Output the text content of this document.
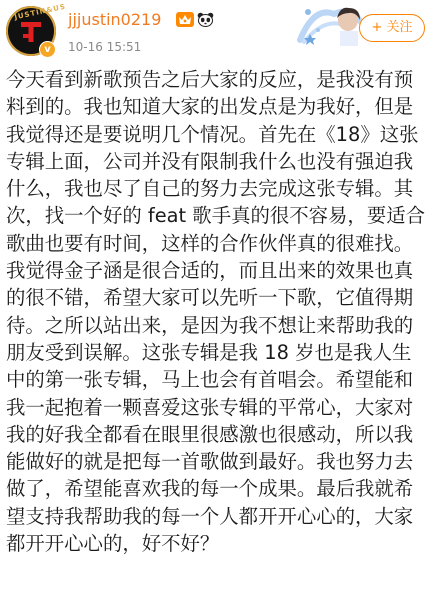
JUSTIN&US
v
jjjustin0219
10-16 15:51
+ 关注

今天看到新歌预告之后大家的反应，是我没有预料到的。我也知道大家的出发点是为我好，但是我觉得还是要说明几个情况。首先在《18》这张专辑上面，公司并没有限制我什么也没有强迫我什么，我也尽了自己的努力去完成这张专辑。其次，找一个好的 feat 歌手真的很不容易，要适合歌曲也要有时间，这样的合作伙伴真的很难找。我觉得金子涵是很合适的，而且出来的效果也真的很不错，希望大家可以先听一下歌，它值得期待。之所以站出来，是因为我不想让来帮助我的朋友受到误解。这张专辑是我 18 岁也是我人生中的第一张专辑，马上也会有首唱会。希望能和我一起抱着一颗喜爱这张专辑的平常心，大家对我的好我全都看在眼里很感激也很感动，所以我能做好的就是把每一首歌做到最好。我也努力去做了，希望能喜欢我的每一个成果。最后我就希望支持我帮助我的每一个人都开开心心的，大家都开开心心的，好不好？
